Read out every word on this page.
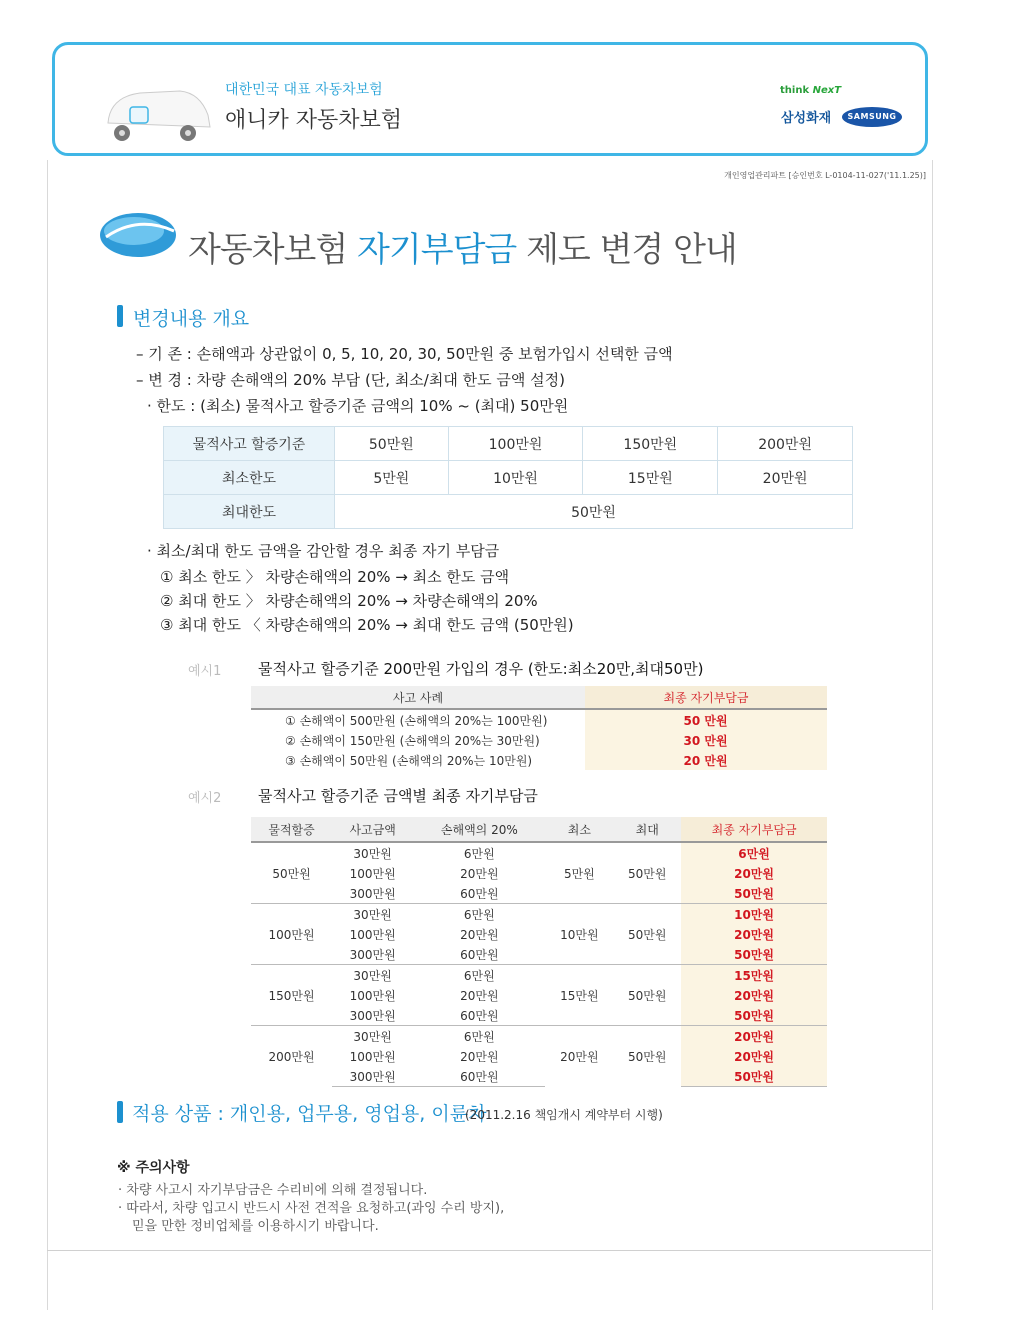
대한민국 대표 자동차보험
애니카 자동차보험
think NexT
삼성화재	SAMSUNG
개인영업관리파트 [승인번호 L-0104-11-027('11.1.25)]
자동차보험 자기부담금 제도 변경 안내
변경내용 개요
– 기 존 : 손해액과 상관없이 0, 5, 10, 20, 30, 50만원 중 보험가입시 선택한 금액
– 변 경 : 차량 손해액의 20% 부담 (단, 최소/최대 한도 금액 설정)
· 한도 : (최소) 물적사고 할증기준 금액의 10% ~ (최대) 50만원
물적사고 할증기준	50만원	100만원	150만원	200만원
최소한도	5만원	10만원	15만원	20만원
최대한도	50만원			
· 최소/최대 한도 금액을 감안할 경우 최종 자기 부담금
① 최소 한도 〉 차량손해액의 20% → 최소 한도 금액
② 최대 한도 〉 차량손해액의 20% → 차량손해액의 20%
③ 최대 한도 〈 차량손해액의 20% → 최대 한도 금액 (50만원)
예시1 물적사고 할증기준 200만원 가입의 경우 (한도:최소20만,최대50만)
사고 사례	최종 자기부담금
① 손해액이 500만원 (손해액의 20%는 100만원)	50 만원
② 손해액이 150만원 (손해액의 20%는 30만원)	30 만원
③ 손해액이 50만원 (손해액의 20%는 10만원)	20 만원
예시2 물적사고 할증기준 금액별 최종 자기부담금
물적할증	사고금액	손해액의 20%	최소	최대	최종 자기부담금
50만원	30만원	6만원	5만원	50만원	6만원
	100만원	20만원			20만원
	300만원	60만원			50만원
100만원	30만원	6만원	10만원	50만원	10만원
	100만원	20만원			20만원
	300만원	60만원			50만원
150만원	30만원	6만원	15만원	50만원	15만원
	100만원	20만원			20만원
	300만원	60만원			50만원
200만원	30만원	6만원	20만원	50만원	20만원
	100만원	20만원			20만원
	300만원	60만원			50만원
적용 상품 : 개인용, 업무용, 영업용, 이륜차
(2011.2.16 책임개시 계약부터 시행)
※ 주의사항
· 차량 사고시 자기부담금은 수리비에 의해 결정됩니다.
· 따라서, 차량 입고시 반드시 사전 견적을 요청하고(과잉 수리 방지),
믿을 만한 정비업체를 이용하시기 바랍니다.
